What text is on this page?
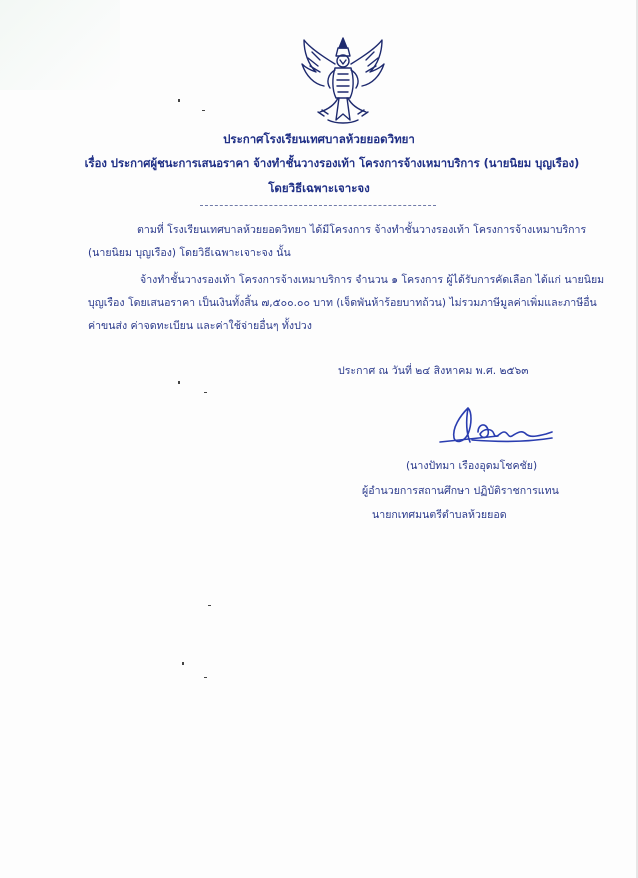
ประกาศโรงเรียนเทศบาลห้วยยอดวิทยา
เรื่อง ประกาศผู้ชนะการเสนอราคา จ้างทำชั้นวางรองเท้า โครงการจ้างเหมาบริการ (นายนิยม บุญเรือง)
โดยวิธีเฉพาะเจาะจง
ตามที่ โรงเรียนเทศบาลห้วยยอดวิทยา ได้มีโครงการ จ้างทำชั้นวางรองเท้า โครงการจ้างเหมาบริการ
(นายนิยม บุญเรือง) โดยวิธีเฉพาะเจาะจง นั้น
จ้างทำชั้นวางรองเท้า โครงการจ้างเหมาบริการ จำนวน ๑ โครงการ ผู้ได้รับการคัดเลือก ได้แก่ นายนิยม
บุญเรือง โดยเสนอราคา เป็นเงินทั้งสิ้น ๗,๕๐๐.๐๐ บาท (เจ็ดพันห้าร้อยบาทถ้วน) ไม่รวมภาษีมูลค่าเพิ่มและภาษีอื่น
ค่าขนส่ง ค่าจดทะเบียน และค่าใช้จ่ายอื่นๆ ทั้งปวง
ประกาศ ณ วันที่ ๒๔ สิงหาคม พ.ศ. ๒๕๖๓
(นางปัทมา เรืองอุดมโชคชัย)
ผู้อำนวยการสถานศึกษา ปฏิบัติราชการแทน
นายกเทศมนตรีตำบลห้วยยอด
